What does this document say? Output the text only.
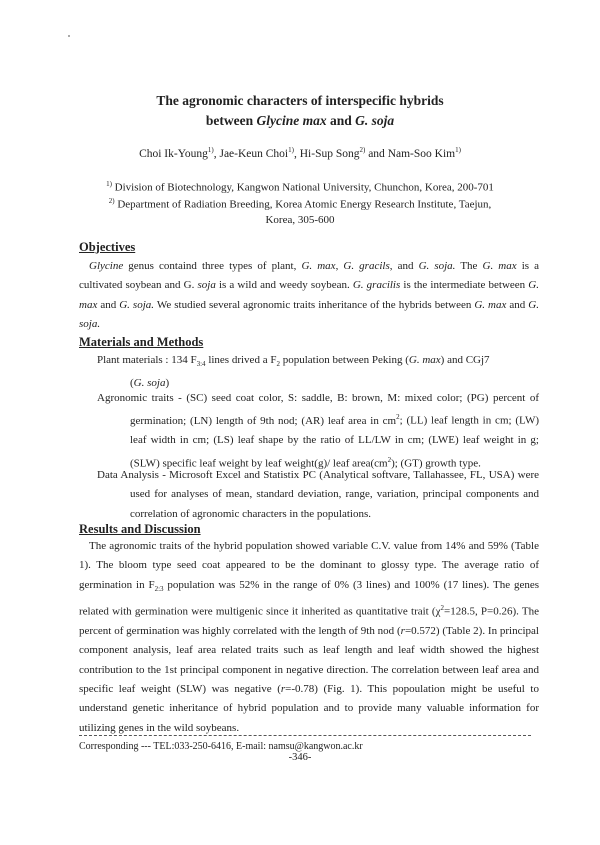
The agronomic characters of interspecific hybrids
between Glycine max and G. soja
Choi Ik-Young$^{1)}$, Jae-Keun Choi$^{1)}$, Hi-Sup Song$^{2)}$ and Nam-Soo Kim$^{1)}$
$^{1)}$ Division of Biotechnology, Kangwon National University, Chunchon, Korea, 200-701
$^{2)}$ Department of Radiation Breeding, Korea Atomic Energy Research Institute, Taejun,
Korea, 305-600
Objectives
Glycine genus containd three types of plant, G. max, G. gracils, and G. soja. The G. max is a cultivated soybean and G. soja is a wild and weedy soybean. G. gracilis is the intermediate between G. max and G. soja. We studied several agronomic traits inheritance of the hybrids between G. max and G. soja.
Materials and Methods
Plant materials : 134 $F_{3:4}$ lines drived a $F_2$ population between Peking (G. max) and CGj7
(G. soja)
Agronomic traits - (SC) seed coat color, S: saddle, B: brown, M: mixed color; (PG) percent of germination; (LN) length of 9th nod; (AR) leaf area in $cm^2$; (LL) leaf length in cm; (LW) leaf width in cm; (LS) leaf shape by the ratio of LL/LW in cm; (LWE) leaf weight in g; (SLW) specific leaf weight by leaf weight(g)/ leaf $area(cm^2)$; (GT) growth type.
Data Analysis - Microsoft Excel and Statistix PC (Analytical softvare, Tallahassee, FL, USA) were used for analyses of mean, standard deviation, range, variation, principal components and correlation of agronomic characters in the populations.
Results and Discussion
The agronomic traits of the hybrid population showed variable C.V. value from 14% and 59% (Table 1). The bloom type seed coat appeared to be the dominant to glossy type. The average ratio of germination in $F_{2:3}$ population was 52% in the range of 0% (3 lines) and 100% (17 lines). The genes related with germination were multigenic since it inherited as quantitative trait ($\chi^2=128.5$, P=0.26). The percent of germination was highly correlated with the length of 9th nod (r=0.572) (Table 2). In principal component analysis, leaf area related traits such as leaf length and leaf width showed the highest contribution to the 1st principal component in negative direction. The correlation between leaf area and specific leaf weight (SLW) was negative (r=-0.78) (Fig. 1). This popoulation might be useful to understand genetic inheritance of hybrid population and to provide many valuable information for utilizing genes in the wild soybeans.
Corresponding --- TEL:033-250-6416, E-mail: namsu@kangwon.ac.kr
-346-
